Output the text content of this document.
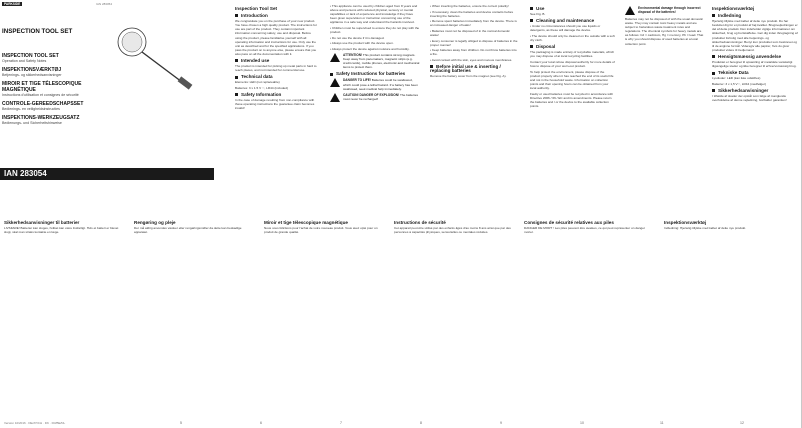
PARKSIDE	IAN 283054
INSPECTION TOOL SET
INSPECTION TOOL SET
Operation and Safety Notes
INSPEKTIONSVÆRKTØJ
Betjenings- og sikkerhedsanvisninger
MIROIR ET TIGE TÉLESCOPIQUE MAGNÉTIQUE
Instructions d'utilisation et consignes de sécurité
CONTROLE-GEREEDSCHAPSSET
Bedienings- en veiligheidsinstructies
INSPEKTIONS-WERKZEUGSATZ
Bedienungs- und Sicherheitshinweise
IAN 283054
Inspection Tool Set
Introduction
We congratulate you on the purchase of your new product. You have chosen a high quality product. The instructions for use are part of the product. They contain important information concerning safety, use and disposal. Before using the product, please familiarise yourself with all operating information and instructions for use. Only use the unit as described and for the specified applications. If you pass the product on to anyone else, please ensure that you also pass on all the documentation with it.
Intended use
The product is intended for picking up metal parts in hard to reach places, and not intended for commercial use.
Technical data
Elements: LED (not replaceable)
Batteries: 3 x 1.5 V ⎓, LR44 (included)
Safety Information
In the case of damage resulting from non-compliance with these operating instructions the guarantee claim becomes invalid!
• This appliance can be used by children aged from 8 years and above and persons with reduced physical, sensory or mental capabilities or lack of experience and knowledge if they have been given supervision or instruction concerning use of the appliance in a safe way and understand the hazards involved.
• Children must be supervised to ensure they do not play with the product.
• Do not use the device if it is damaged.
• Always use the product with the device open.
• Always protect the device against moisture and humidity.
ATTENTION! This product contains strong magnets. Keep away from pacemakers, magnetic strips (e.g. credit cards), mobile phones, electronic and mechanical items to protect them.
Safety Instructions for batteries
DANGER TO LIFE! Batteries could be swallowed, which could pose a lethal hazard. If a battery has been swallowed, seek medical help immediately.
CAUTION! DANGER OF EXPLOSION! The batteries must never be recharged!
• When inserting the batteries, ensure the correct polarity!
• If necessary, clean the batteries and device contacts before inserting the batteries.
• Remove spent batteries immediately from the device. There is an increased danger of leaks!
• Batteries must not be disposed of in the normal domestic waste!
• Every consumer is legally obliged to dispose of batteries in the proper manner!
• Keep batteries away from children. Do not throw batteries into a fire.
• Avoid contact with the skin, eyes and mucous membranes.
Before initial use & inserting / replacing batteries
Remove the battery cover from the magnet (see Fig. A).
Use
See Fig. B.
Cleaning and maintenance
• Under no circumstances should you use liquids or detergents, as these will damage the device.
• The device should only be cleaned on the outside with a soft dry cloth.
Disposal
The packaging is made entirely of recyclable materials, which you may dispose of at local recycling facilities.
Contact your local refuse disposal authority for more details of how to dispose of your worn-out product.
To help protect the environment, please dispose of the product properly when it has reached the end of its useful life and not in the household waste. Information on collection points and their opening hours can be obtained from your local authority.
Faulty or used batteries must be recycled in accordance with Directive 2006 / 66 / EC and its amendments. Please return the batteries and / or the device to the available collection points.
Environmental damage through incorrect disposal of the batteries!
Batteries may not be disposed of with the usual domestic waste. They may contain toxic heavy metals and are subject to hazardous waste treatment rules and regulations. The chemical symbols for heavy metals are as follows: Cd = cadmium, Hg = mercury, Pb = lead. That is why you should dispose of used batteries at a local collection point.
Inspektionsværktøj
Indledning
Hjertelig tillykke med købet af dette nye produkt. Du har besluttet dig for et produkt af høj kvalitet. Brugsvejledningen er del af dette produkt. Den indeholder vigtige informationer om sikkerhed, brug og bortskaffelse. Gør dig inden ibrugtagning af produktet fortrolig med alle betjenings- og sikkerhedsanvisninger. Benyt kun produktet som beskrevet og til de angivne formål. Videregiv alle papirer, hvis du giver produktet videre til tredjemand.
Hensigtsmæssig anvendelse
Produktet er beregnet til opsamling af metaldele vanskeligt tilgængelige steder og ikke beregnet til erhvervsmæssig brug.
Tekniske Data
Lysdioder: LED (kan ikke udskiftes)
Batterier: 3 x 1,5 V⎓, LR44 (medfølger)
Sikkerhedsanvisninger
I tilfælde af skader der opstår som følge af manglende overholdelse af denne vejledning, bortfalder garantien!
Sikkerhedsanvisninger til batterier
LIVSFARE! Batterier kan sluges, hvilket kan være livsfarligt. Hvis et batteri er blevet slugt, skal man straks kontakte en læge.
Rengøring og pleje
Der må aldrig anvendes væsker eller rengøringsmidler da dette kan beskadige apparatet.
Miroir et tige télescopique magnétique
Nous vous félicitons pour l'achat de votre nouveau produit. Vous avez opté pour un produit de grande qualité.
Instructions de sécurité
Cet appareil peut être utilisé par des enfants âgés d'au moins 8 ans ainsi que par des personnes à capacités physiques, sensorielles ou mentales réduites.
Consignes de sécurité relatives aux piles
DANGER DE MORT ! Les piles peuvent être avalées, ce qui peut représenter un danger mortel.
Inspektionsværktøj
Indledning: Hjertelig tillykke med købet af dette nye produkt.
Version 10/2016 · DE/AT/CH · DK · FR/BE/NL	5	6	7	8	9	10	11	12
